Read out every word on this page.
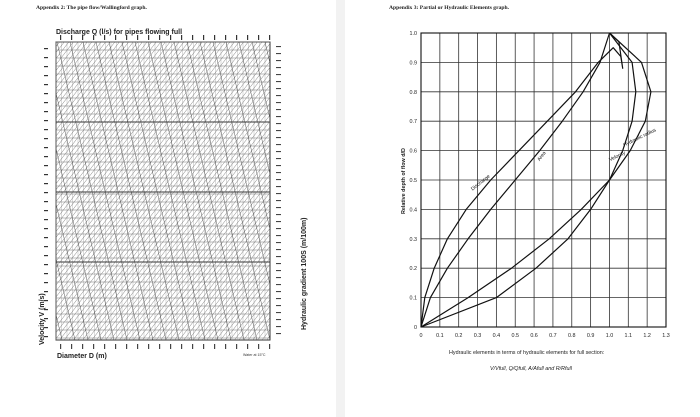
Appendix 2: The pipe flow/Wallingford graph.
Discharge Q (l/s) for pipes flowing full
Velocity V (m/s)
Diameter D (m)
Hydraulic gradient 100S (m/100m)
Water at 15°C
Appendix 3: Partial or Hydraulic Elements graph.
0	0.1 0.2 0.3 0.4 0.5 0.6 0.7 0.8 0.9 1.0 1.1 1.2 1.3
0
0.1
0.2
0.3
0.4
0.5
0.6
0.7
0.8
0.9
1.0
Discharge
Area
Hydraulic radius
Velocity
Relative depth of flow d/D
Hydraulic elements in terms of hydraulic elements for full section:
V/Vfull, Q/Qfull, A/Afull and R/Rfull
